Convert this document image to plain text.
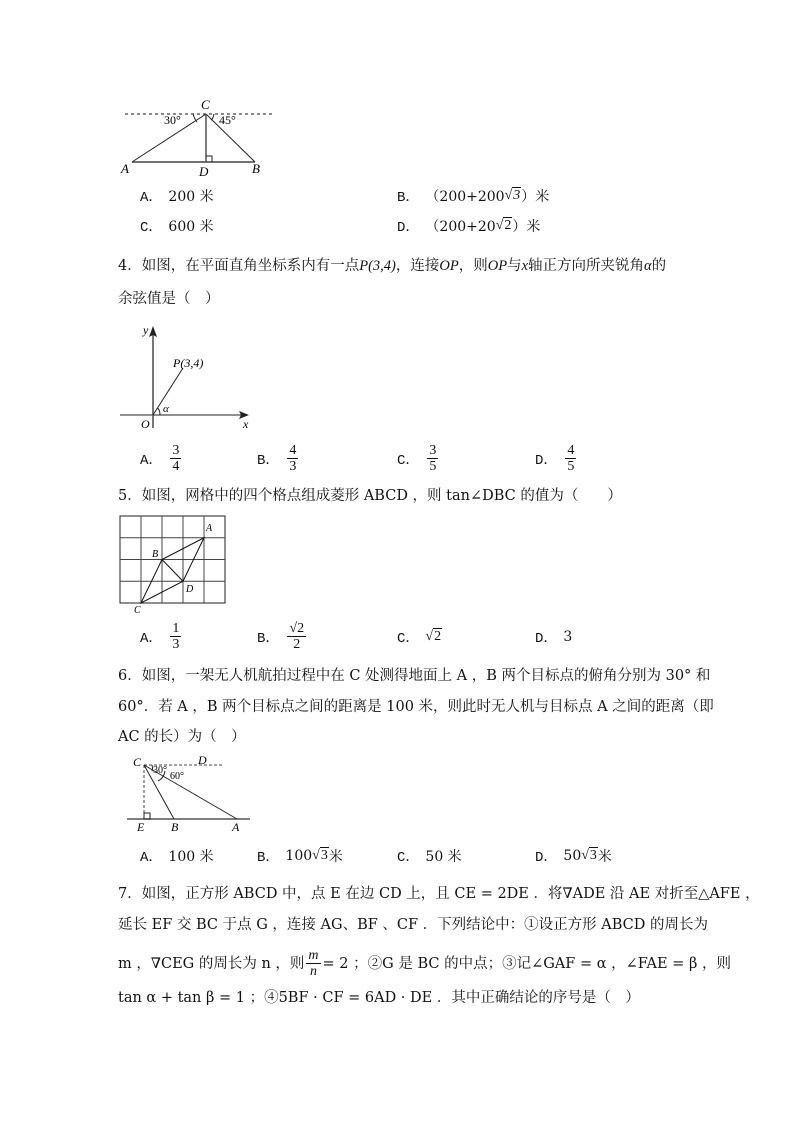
C
30°	45°
A	D	B
A． 200 米	B． （200+200 √3 ）米
C． 600 米	D． （200+20 √2 ）米
4．如图，在平面直角坐标系内有一点P(3,4)，连接OP，则OP与x轴正方向所夹锐角α的
余弦值是（　）
y
x
O
P(3,4)
α
A． $\frac{3}{4}$	B． $\frac{4}{3}$	C． $\frac{3}{5}$	D． $\frac{4}{5}$
5．如图，网格中的四个格点组成菱形 ABCD ，则 tan∠DBC 的值为（　　）
A
B
C
D
A． $\frac{1}{3}$	B． $\frac{√2}{2}$	C． √2	D． 3
6．如图，一架无人机航拍过程中在 C 处测得地面上 A ，B 两个目标点的俯角分别为 30° 和
60°．若 A ，B 两个目标点之间的距离是 100 米，则此时无人机与目标点 A 之间的距离（即
AC 的长）为（　）
C	D
30°
60°
E B	A
A． 100 米	B． 100 √3 米	C． 50 米	D． 50 √3 米
7．如图，正方形 ABCD 中，点 E 在边 CD 上，且 CE = 2DE ．将∇ADE 沿 AE 对折至△AFE ，
延长 EF 交 BC 于点 G ，连接 AG、BF 、CF ．下列结论中：①设正方形 ABCD 的周长为
m ，∇CEG 的周长为 n ，则 $\frac{m}{n} = 2$ ；②G 是 BC 的中点；③记∠GAF = α ，∠FAE = β ，则
tan α + tan β = 1 ；④5BF · CF = 6AD · DE ．其中正确结论的序号是（　）
